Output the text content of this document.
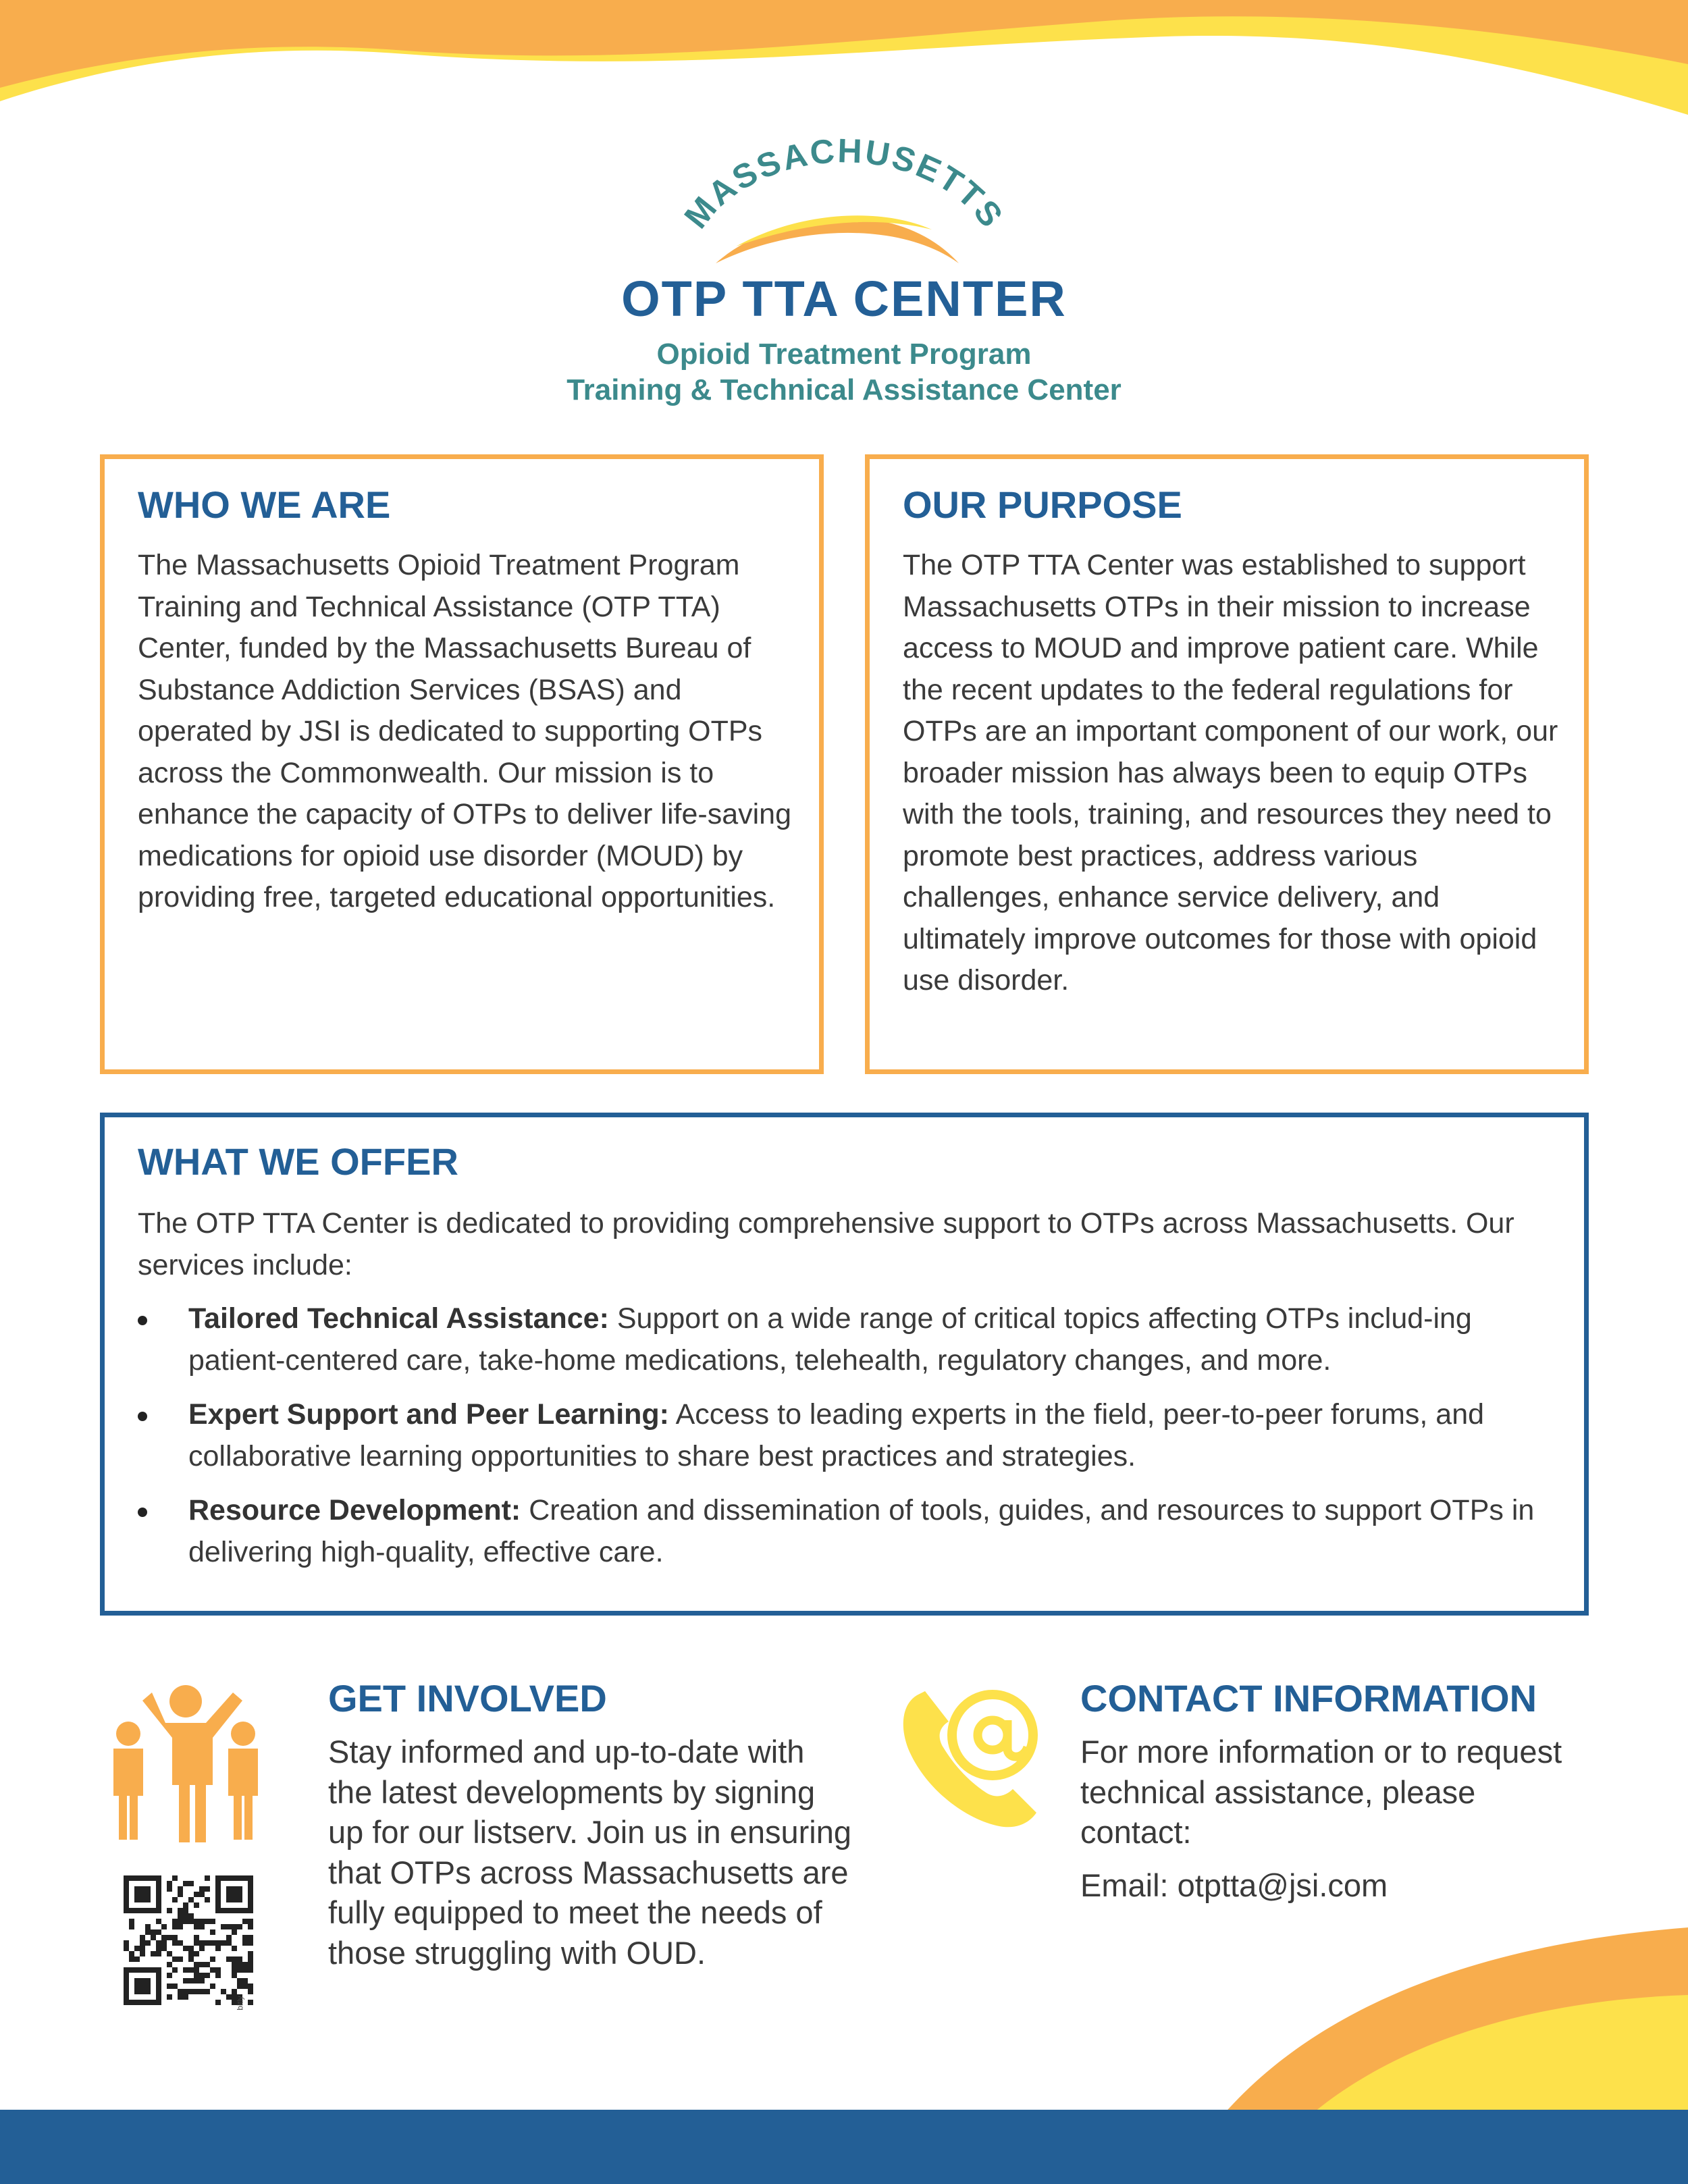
MASSACHUSETTS
OTP TTA CENTER
Opioid Treatment Program
Training & Technical Assistance Center
WHO WE ARE

The Massachusetts Opioid Treatment Program Training and Technical Assistance (OTP TTA) Center, funded by the Massachusetts Bureau of Substance Addiction Services (BSAS) and operated by JSI is dedicated to supporting OTPs across the Commonwealth. Our mission is to enhance the capacity of OTPs to deliver life-saving medications for opioid use disorder (MOUD) by providing free, targeted educational opportunities.

OUR PURPOSE

The OTP TTA Center was established to support Massachusetts OTPs in their mission to increase access to MOUD and improve patient care. While the recent updates to the federal regulations for OTPs are an important component of our work, our broader mission has always been to equip OTPs with the tools, training, and resources they need to promote best practices, address various challenges, enhance service delivery, and ultimately improve outcomes for those with opioid use disorder.

WHAT WE OFFER

The OTP TTA Center is dedicated to providing comprehensive support to OTPs across Massachusetts. Our services include:

Tailored Technical Assistance: Support on a wide range of critical topics affecting OTPs includ-ing patient-centered care, take-home medications, telehealth, regulatory changes, and more.
Expert Support and Peer Learning: Access to leading experts in the field, peer-to-peer forums, and collaborative learning opportunities to share best practices and strategies.
Resource Development: Creation and dissemination of tools, guides, and resources to support OTPs in delivering high-quality, effective care.
bitly
GET INVOLVED

Stay informed and up-to-date with the latest developments by signing up for our listserv. Join us in ensuring that OTPs across Massachusetts are fully equipped to meet the needs of those struggling with OUD.

CONTACT INFORMATION

For more information or to request technical assistance, please contact:

Email: otptta@jsi.com
